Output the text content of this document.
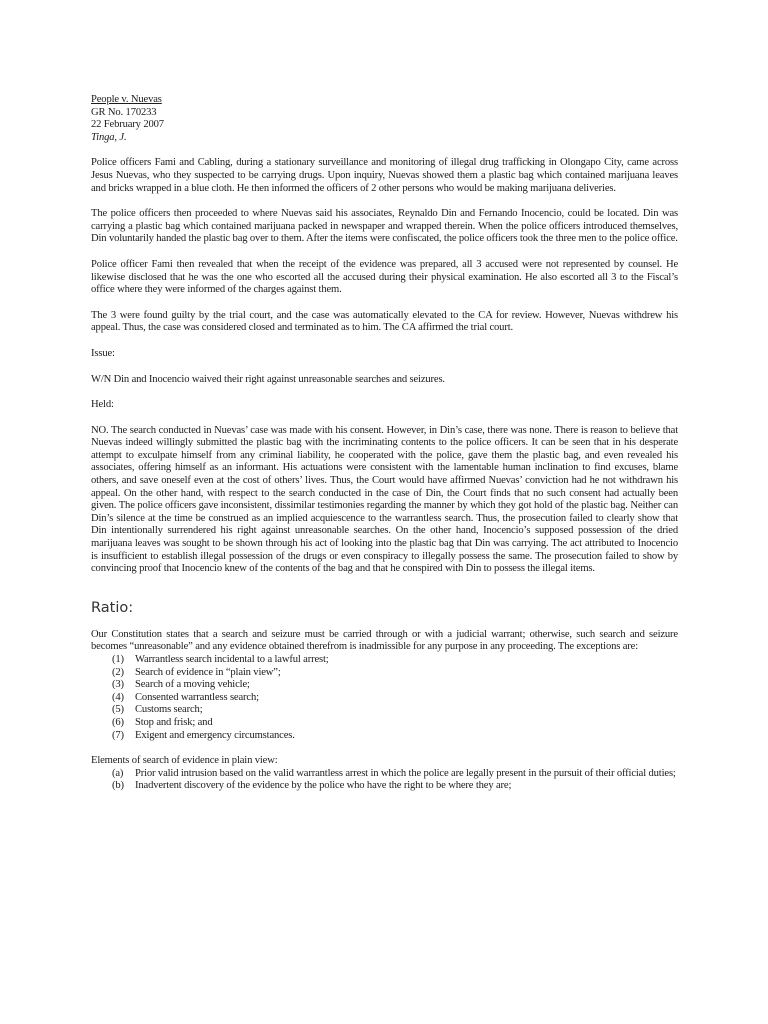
People v. Nuevas
GR No. 170233
22 February 2007
Tinga, J.

Police officers Fami and Cabling, during a stationary surveillance and monitoring of illegal drug trafficking in Olongapo City, came across Jesus Nuevas, who they suspected to be carrying drugs. Upon inquiry, Nuevas showed them a plastic bag which contained marijuana leaves and bricks wrapped in a blue cloth. He then informed the officers of 2 other persons who would be making marijuana deliveries.

The police officers then proceeded to where Nuevas said his associates, Reynaldo Din and Fernando Inocencio, could be located. Din was carrying a plastic bag which contained marijuana packed in newspaper and wrapped therein. When the police officers introduced themselves, Din voluntarily handed the plastic bag over to them. After the items were confiscated, the police officers took the three men to the police office.

Police officer Fami then revealed that when the receipt of the evidence was prepared, all 3 accused were not represented by counsel. He likewise disclosed that he was the one who escorted all the accused during their physical examination. He also escorted all 3 to the Fiscal’s office where they were informed of the charges against them.

The 3 were found guilty by the trial court, and the case was automatically elevated to the CA for review. However, Nuevas withdrew his appeal. Thus, the case was considered closed and terminated as to him. The CA affirmed the trial court.

Issue:

W/N Din and Inocencio waived their right against unreasonable searches and seizures.

Held:

NO. The search conducted in Nuevas’ case was made with his consent. However, in Din’s case, there was none. There is reason to believe that Nuevas indeed willingly submitted the plastic bag with the incriminating contents to the police officers. It can be seen that in his desperate attempt to exculpate himself from any criminal liability, he cooperated with the police, gave them the plastic bag, and even revealed his associates, offering himself as an informant. His actuations were consistent with the lamentable human inclination to find excuses, blame others, and save oneself even at the cost of others’ lives. Thus, the Court would have affirmed Nuevas’ conviction had he not withdrawn his appeal. On the other hand, with respect to the search conducted in the case of Din, the Court finds that no such consent had actually been given. The police officers gave inconsistent, dissimilar testimonies regarding the manner by which they got hold of the plastic bag. Neither can Din’s silence at the time be construed as an implied acquiescence to the warrantless search. Thus, the prosecution failed to clearly show that Din intentionally surrendered his right against unreasonable searches. On the other hand, Inocencio’s supposed possession of the dried marijuana leaves was sought to be shown through his act of looking into the plastic bag that Din was carrying. The act attributed to Inocencio is insufficient to establish illegal possession of the drugs or even conspiracy to illegally possess the same. The prosecution failed to show by convincing proof that Inocencio knew of the contents of the bag and that he conspired with Din to possess the illegal items.

Ratio:

Our Constitution states that a search and seizure must be carried through or with a judicial warrant; otherwise, such search and seizure becomes “unreasonable” and any evidence obtained therefrom is inadmissible for any purpose in any proceeding. The exceptions are:

(1)	Warrantless search incidental to a lawful arrest;
(2)	Search of evidence in “plain view”;
(3)	Search of a moving vehicle;
(4)	Consented warrantless search;
(5)	Customs search;
(6)	Stop and frisk; and
(7)	Exigent and emergency circumstances.

Elements of search of evidence in plain view:

(a)	Prior valid intrusion based on the valid warrantless arrest in which the police are legally present in the pursuit of their official duties;
(b)	Inadvertent discovery of the evidence by the police who have the right to be where they are;
